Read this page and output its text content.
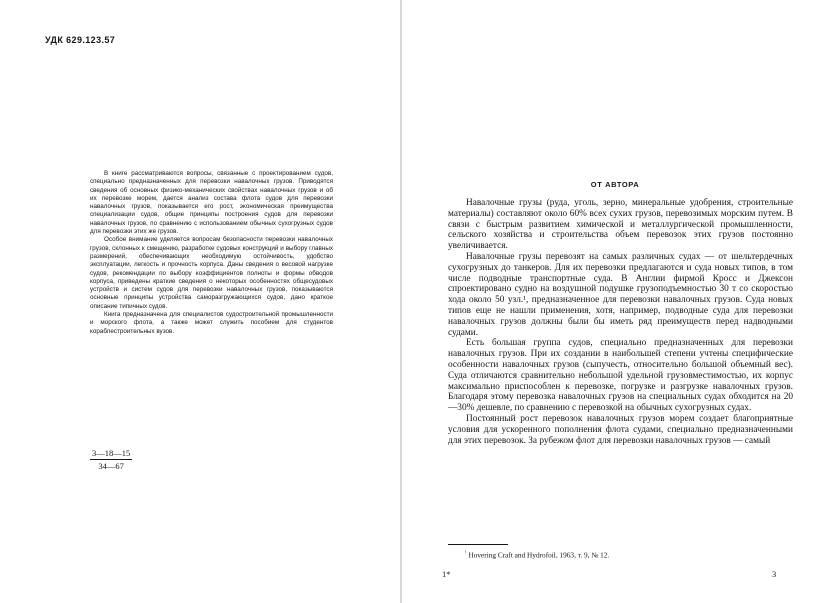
УДК 629.123.57

В книге рассматриваются вопросы, связанные с проектированием судов, специально предназначенных для перевозки навалочных грузов. Приводятся сведения об основных физико-механических свойствах навалочных грузов и об их перевозке морем, дается анализ состава флота судов для перевозки навалочных грузов, показывается его рост, экономическая преимущества специализации судов, общие принципы построения судов для перевозки навалочных грузов, по сравнению с использованием обычных сухогрузных судов для перевозки этих же грузов.

Особое внимание уделяется вопросам безопасности перевозки навалочных грузов, склонных к смещению, разработке судовых конструкций и выбору главных размерений, обеспечивающих необходимую остойчивость, удобство эксплуатации, легкость и прочность корпуса. Даны сведения о весовой нагрузке судов, рекомендации по выбору коэффициентов полноты и формы обводов корпуса, приведены краткие сведения о некоторых особенностях общесудовых устройств и систем судов для перевозки навалочных грузов, показываются основные принципы устройства саморазгружающихся судов, дано краткое описание типичных судов.

Книга предназначена для специалистов судостроительной промышленности и морского флота, а также может служить пособием для студентов кораблестроительных вузов.

$\frac{3—18—15}{34—67}$
ОТ АВТОРА

Навалочные грузы (руда, уголь, зерно, минеральные удобрения, строительные материалы) составляют около 60% всех сухих грузов, перевозимых морским путем. В связи с быстрым развитием химической и металлургической промышленности, сельского хозяйства и строительства объем перевозок этих грузов постоянно увеличивается.

Навалочные грузы перевозят на самых различных судах — от шельтердечных сухогрузных до танкеров. Для их перевозки предлагаются и суда новых типов, в том числе подводные транспортные суда. В Англии фирмой Кросс и Джексон спроектировано судно на воздушной подушке грузоподъемностью 30 т со скоростью хода около 50 узл.¹, предназначенное для перевозки навалочных грузов. Суда новых типов еще не нашли применения, хотя, например, подводные суда для перевозки навалочных грузов должны были бы иметь ряд преимуществ перед надводными судами.

Есть большая группа судов, специально предназначенных для перевозки навалочных грузов. При их создании в наибольшей степени учтены специфические особенности навалочных грузов (сыпучесть, относительно большой объемный вес). Суда отличаются сравнительно небольшой удельной грузовместимостью, их корпус максимально приспособлен к перевозке, погрузке и разгрузке навалочных грузов. Благодаря этому перевозка навалочных грузов на специальных судах обходится на 20—30% дешевле, по сравнению с перевозкой на обычных сухогрузных судах.

Постоянный рост перевозок навалочных грузов морем создает благоприятные условия для ускоренного пополнения флота судами, специально предназначенными для этих перевозок. За рубежом флот для перевозки навалочных грузов — самый

$^{^1}$ Hovering Craft and Hydrofoil, 1963, т. 9, № 12.
1*	3
